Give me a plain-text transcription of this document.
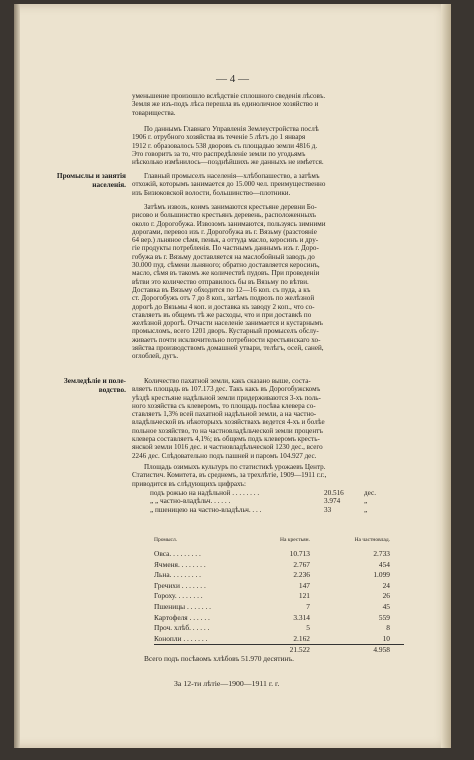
— 4 —
уменьшение произошло вслѣдствіе сплошного сведенія лѣсовъ.
Земля же изъ-подъ лѣса перешла въ единоличное хозяйство и
товарищества.
По даннымъ Главнаго Управленія Землеустройства послѣ
1906 г. отрубного хозяйства въ теченіе 5 лѣтъ до 1 января
1912 г. образовалось 538 дворовъ съ площадью земли 4816 д.
Это говоритъ за то, что распредѣленіе земли по угодьямъ
нѣсколько измѣнилось—позднѣйшихъ же данныхъ не имѣется.
Промыслы и занятія населенія.
Главный промыселъ населенія—хлѣбопашество, а затѣмъ
отхожій, которымъ занимается до 15.000 чел. преимущественно
изъ Бизюковской волости, большинство—плотники.
Затѣмъ извозъ, коимъ занимаются крестьяне деревни Бо-
рисово и большинство крестьянъ деревень, расположенныхъ
около г. Дорогобужа. Извозомъ занимаются, пользуясь зимними
дорогами, перевоз изъ г. Дорогобужа въ г. Вязьму (разстояніе
64 вер.) льняное сѣмя, пеньк, а оттуда масло, керосинъ и дру-
гіе продукты потребленія. По частнымъ даннымъ изъ г. Доро-
гобужа въ г. Вязьму доставляется на маслобойный заводъ до
30.000 пуд. сѣмени льняного; обратно доставляется керосинъ,
масло, сѣмя въ такомъ же количествѣ пудовъ. При проведеніи
вѣтви это количество отправилось бы въ Вязьму по вѣтви.
Доставка въ Вязьму обходится по 12—16 коп. съ пуда, а къ
ст. Дорогобужъ отъ 7 до 8 коп., затѣмъ подвозъ по желѣзной
дорогѣ до Вязьмы 4 коп. и доставка къ заводу 2 коп., что со-
ставляетъ въ общемъ тѣ же расходы, что и при доставкѣ по
желѣзной дорогѣ. Отчасти населеніе занимается и кустарнымъ
промысломъ, всего 1201 дворъ. Кустарный промыселъ обслу-
живаетъ почти исключительно потребности крестьянскаго хо-
зяйства производствомъ домашней утвари, телѣгъ, осей, саней,
оглоблей, дугъ.
Земледѣліе и поле- водство.
Количество пахатной земли, какъ сказано выше, соста-
вляетъ площадь въ 107.173 дес. Такъ какъ въ Дорогобужскомъ
уѣздѣ крестьяне надѣльной земли придерживаются 3-хъ поль-
ного хозяйства съ клеверомъ, то площадь посѣва клевера со-
ставляетъ 1,3% всей пахатной надѣльной земли, а на частно-
владѣльческой въ нѣкоторыхъ хозяйствахъ ведется 4-хъ и болѣе
польное хозяйство, то на частновладѣльческой земли процентъ
клевера составляетъ 4,1%; въ общемъ подъ клеверомъ кресть-
янской земли 1016 дес. и частновладѣльческой 1230 дес., всего
2246 дес. Слѣдовательно подъ пашней и паромъ 104.927 дес.
Площадь озимыхъ культуръ по статистикѣ урожаевъ Центр.
Статистич. Комитета, въ среднемъ, за трехлѣтіе, 1909—1911 г.г.,
приводится въ слѣдующихъ цифрахъ:
подъ рожью на надѣльной . . . . . . . .	20.516	дес.
„ „ частно-владѣльч. . . . . .	3.974	„
„ пшеницею на частно-владѣльч. . . .	33	„
Промысл.	На крестьян.	На частновлад.
Овса. . . . . . . . .	10.713	2.733
Ячменя. . . . . . . .	2.767	454
Льна. . . . . . . . .	2.236	1.099
Гречихи . . . . . . .	147	24
Гороху. . . . . . . .	121	26
Пшеницы . . . . . . .	7	45
Картофеля . . . . . .	3.314	559
Проч. хлѣб. . . . . .	5	8
Конопли . . . . . . .	2.162	10
	21.522	4.958
Всего подъ посѣвомъ хлѣбовъ 51.970 десятинъ.
За 12-ти лѣтіе—1900—1911 г. г.
